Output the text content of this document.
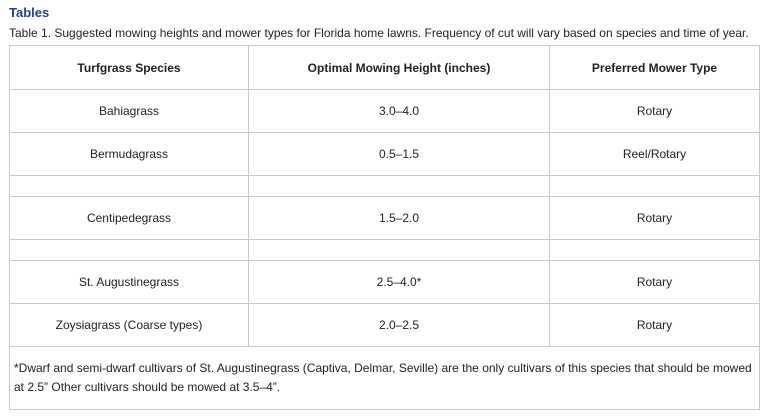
Tables
Table 1. Suggested mowing heights and mower types for Florida home lawns. Frequency of cut will vary based on species and time of year.
Turfgrass Species	Optimal Mowing Height (inches)	Preferred Mower Type
Bahiagrass	3.0–4.0	Rotary
Bermudagrass	0.5–1.5	Reel/Rotary

Centipedegrass	1.5–2.0	Rotary

St. Augustinegrass	2.5–4.0*	Rotary
Zoysiagrass (Coarse types)	2.0–2.5	Rotary
*Dwarf and semi-dwarf cultivars of St. Augustinegrass (Captiva, Delmar, Seville) are the only cultivars of this species that should be mowed at 2.5” Other cultivars should be mowed at 3.5–4”.		
